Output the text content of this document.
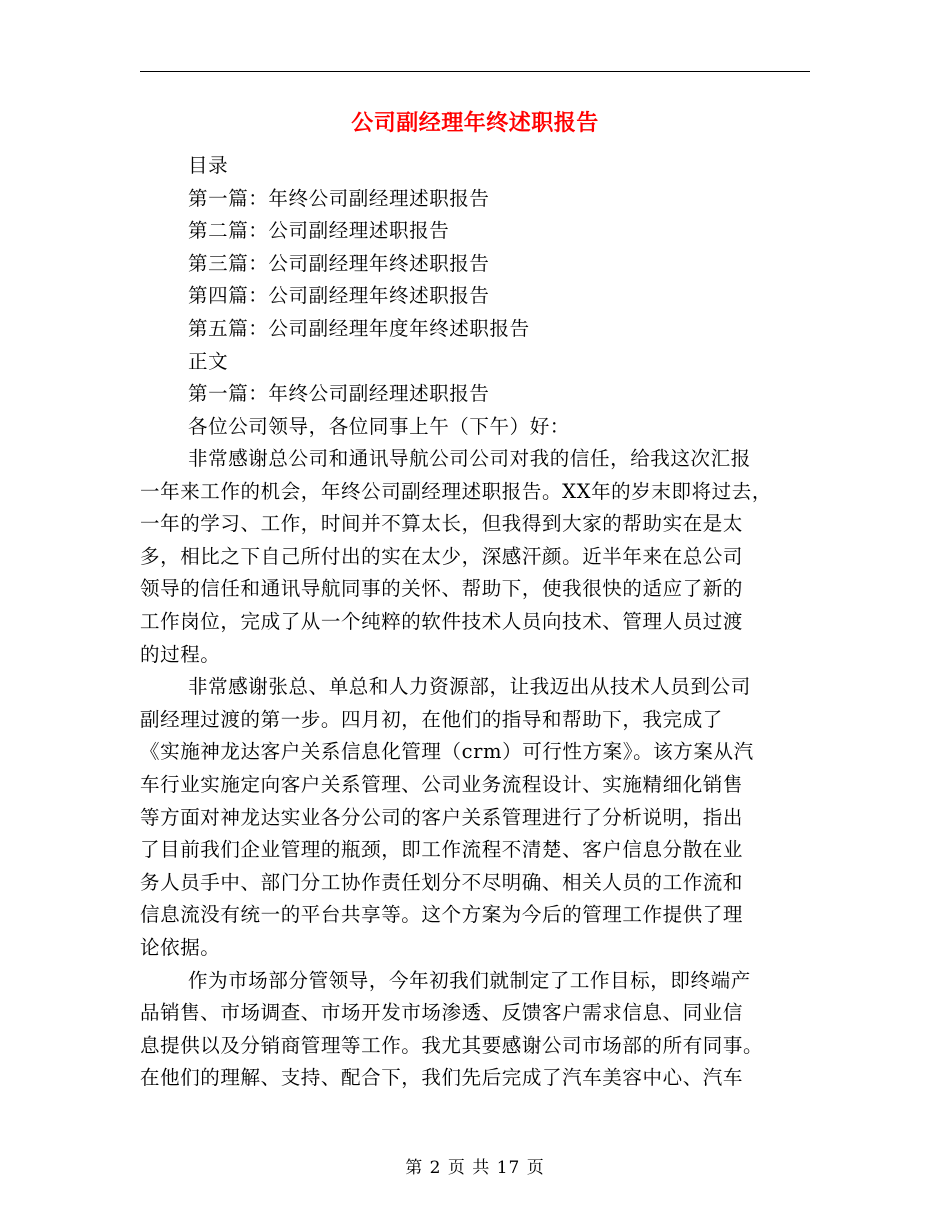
公司副经理年终述职报告
目录
第一篇：年终公司副经理述职报告
第二篇：公司副经理述职报告
第三篇：公司副经理年终述职报告
第四篇：公司副经理年终述职报告
第五篇：公司副经理年度年终述职报告
正文
第一篇：年终公司副经理述职报告
各位公司领导，各位同事上午（下午）好：
非常感谢总公司和通讯导航公司公司对我的信任，给我这次汇报
一年来工作的机会，年终公司副经理述职报告。XX年的岁末即将过去，
一年的学习、工作，时间并不算太长，但我得到大家的帮助实在是太
多，相比之下自己所付出的实在太少，深感汗颜。近半年来在总公司
领导的信任和通讯导航同事的关怀、帮助下，使我很快的适应了新的
工作岗位，完成了从一个纯粹的软件技术人员向技术、管理人员过渡
的过程。
非常感谢张总、单总和人力资源部，让我迈出从技术人员到公司
副经理过渡的第一步。四月初，在他们的指导和帮助下，我完成了
《实施神龙达客户关系信息化管理（crm）可行性方案》。该方案从汽
车行业实施定向客户关系管理、公司业务流程设计、实施精细化销售
等方面对神龙达实业各分公司的客户关系管理进行了分析说明，指出
了目前我们企业管理的瓶颈，即工作流程不清楚、客户信息分散在业
务人员手中、部门分工协作责任划分不尽明确、相关人员的工作流和
信息流没有统一的平台共享等。这个方案为今后的管理工作提供了理
论依据。
作为市场部分管领导，今年初我们就制定了工作目标，即终端产
品销售、市场调查、市场开发市场渗透、反馈客户需求信息、同业信
息提供以及分销商管理等工作。我尤其要感谢公司市场部的所有同事。
在他们的理解、支持、配合下，我们先后完成了汽车美容中心、汽车
第 2 页 共 17 页
